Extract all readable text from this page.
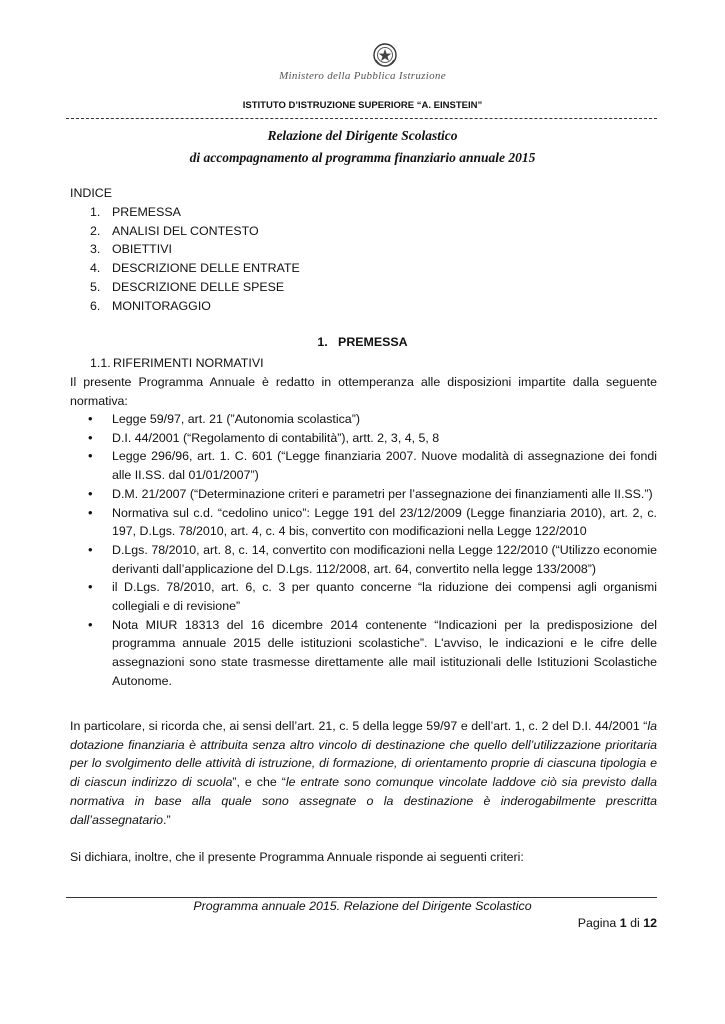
Ministero della Pubblica Istruzione
ISTITUTO D’ISTRUZIONE SUPERIORE “A. EINSTEIN”
Relazione del Dirigente Scolastico
di accompagnamento al programma finanziario annuale 2015
INDICE
1. PREMESSA
2. ANALISI DEL CONTESTO
3. OBIETTIVI
4. DESCRIZIONE DELLE ENTRATE
5. DESCRIZIONE DELLE SPESE
6. MONITORAGGIO
1.   PREMESSA
1.1. RIFERIMENTI NORMATIVI

Il presente Programma Annuale è redatto in ottemperanza alle disposizioni impartite dalla seguente normativa:

• Legge 59/97, art. 21 (”Autonomia scolastica”)
• D.I. 44/2001 (“Regolamento di contabilità”), artt. 2, 3, 4, 5, 8
• Legge 296/96, art. 1. C. 601 (“Legge finanziaria 2007. Nuove modalità di assegnazione dei fondi alle II.SS. dal 01/01/2007”)
• D.M. 21/2007 (“Determinazione criteri e parametri per l’assegnazione dei finanziamenti alle II.SS.”)
• Normativa sul c.d. “cedolino unico”: Legge 191 del 23/12/2009 (Legge finanziaria 2010), art. 2, c. 197, D.Lgs. 78/2010, art. 4, c. 4 bis, convertito con modificazioni nella Legge 122/2010
• D.Lgs. 78/2010, art. 8, c. 14, convertito con modificazioni nella Legge 122/2010 (“Utilizzo economie derivanti dall’applicazione del D.Lgs. 112/2008, art. 64, convertito nella legge 133/2008”)
• il D.Lgs. 78/2010, art. 6, c. 3 per quanto concerne “la riduzione dei compensi agli organismi collegiali e di revisione”
• Nota MIUR 18313 del 16 dicembre 2014 contenente “Indicazioni per la predisposizione del programma annuale 2015 delle istituzioni scolastiche”. L'avviso, le indicazioni e le cifre delle assegnazioni sono state trasmesse direttamente alle mail istituzionali delle Istituzioni Scolastiche Autonome.

In particolare, si ricorda che, ai sensi dell’art. 21, c. 5 della legge 59/97 e dell’art. 1, c. 2 del D.I. 44/2001 “la dotazione finanziaria è attribuita senza altro vincolo di destinazione che quello dell’utilizzazione prioritaria per lo svolgimento delle attività di istruzione, di formazione, di orientamento proprie di ciascuna tipologia e di ciascun indirizzo di scuola”, e che “le entrate sono comunque vincolate laddove ciò sia previsto dalla normativa in base alla quale sono assegnate o la destinazione è inderogabilmente prescritta dall’assegnatario.”

Si dichiara, inoltre, che il presente Programma Annuale risponde ai seguenti criteri:

Programma annuale 2015. Relazione del Dirigente Scolastico
Pagina 1 di 12
